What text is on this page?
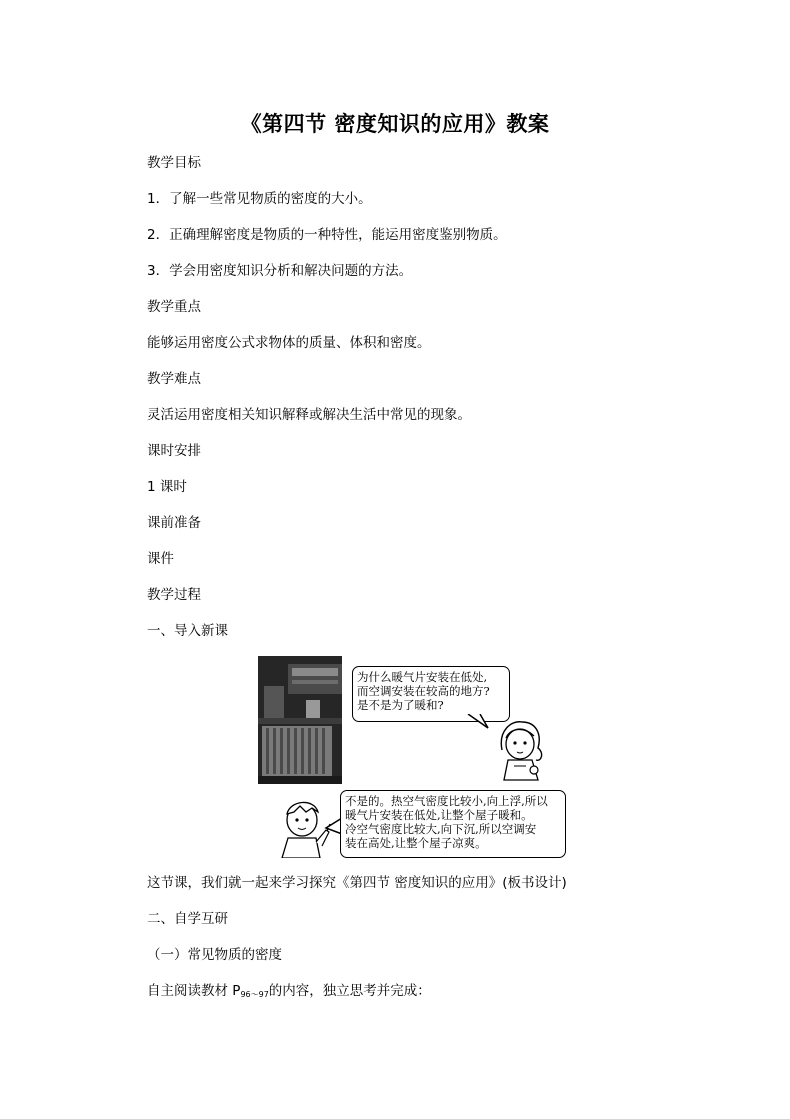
《第四节 密度知识的应用》教案
教学目标
1．了解一些常见物质的密度的大小。
2．正确理解密度是物质的一种特性，能运用密度鉴别物质。
3．学会用密度知识分析和解决问题的方法。
教学重点
能够运用密度公式求物体的质量、体积和密度。
教学难点
灵活运用密度相关知识解释或解决生活中常见的现象。
课时安排
1 课时
课前准备
课件
教学过程
一、导入新课
为什么暖气片安装在低处,
而空调安装在较高的地方?
是不是为了暖和?
不是的。热空气密度比较小,向上浮,所以
暖气片安装在低处,让整个屋子暖和。
冷空气密度比较大,向下沉,所以空调安
装在高处,让整个屋子凉爽。
这节课，我们就一起来学习探究《第四节 密度知识的应用》(板书设计)
二、自学互研
（一）常见物质的密度
自主阅读教材 $P_{96\sim 97}$的内容，独立思考并完成：
